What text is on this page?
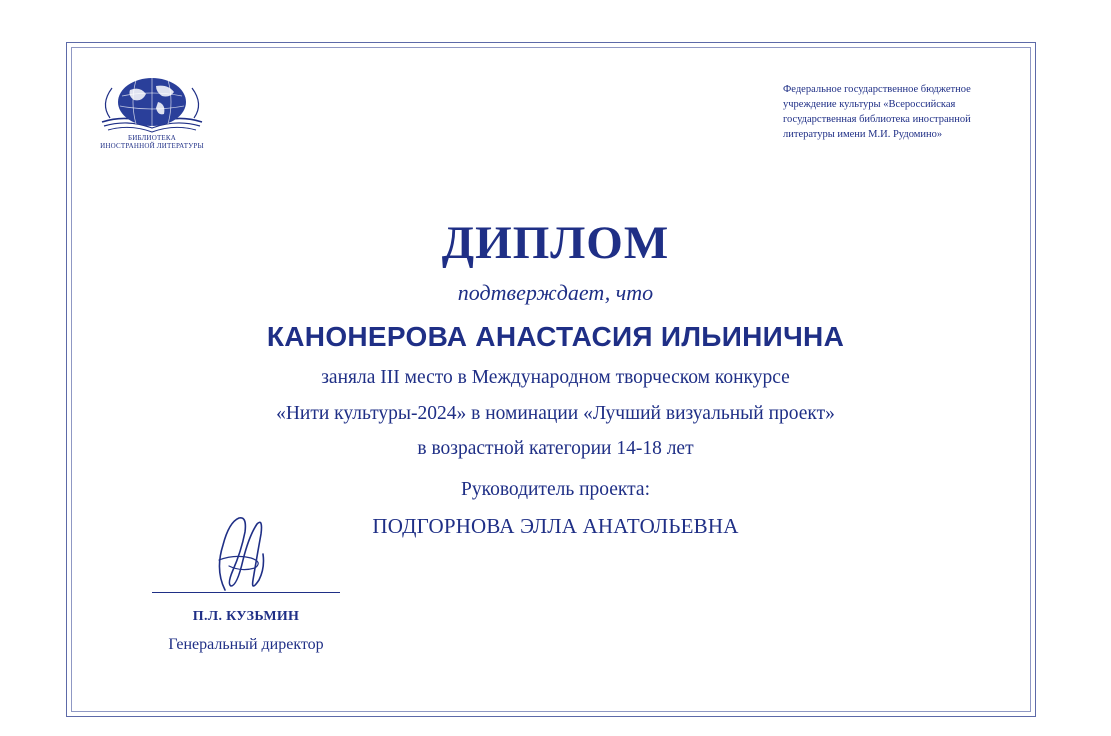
БИБЛИОТЕКА
ИНОСТРАННОЙ ЛИТЕРАТУРЫ
Федеральное государственное бюджетное
учреждение культуры «Всероссийская
государственная библиотека иностранной
литературы имени М.И. Рудомино»
ДИПЛОМ
подтверждает, что
КАНОНЕРОВА АНАСТАСИЯ ИЛЬИНИЧНА
заняла III место в Международном творческом конкурсе
«Нити культуры-2024» в номинации «Лучший визуальный проект»
в возрастной категории 14-18 лет
Руководитель проекта:
ПОДГОРНОВА ЭЛЛА АНАТОЛЬЕВНА
П.Л. КУЗЬМИН
Генеральный директор
